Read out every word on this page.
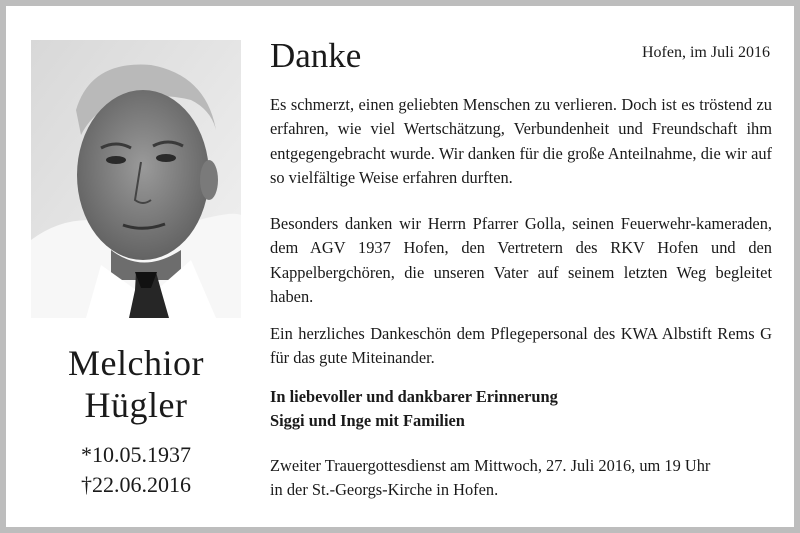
Melchior
Hügler
*10.05.1937
†22.06.2016
Danke	Hofen, im Juli 2016
Es schmerzt, einen geliebten Menschen zu verlieren. Doch ist es tröstend zu erfahren, wie viel Wertschätzung, Verbundenheit und Freundschaft ihm entgegengebracht wurde. Wir danken für die große Anteilnahme, die wir auf so vielfältige Weise erfahren durften.
Besonders danken wir Herrn Pfarrer Golla, seinen Feuerwehr-kameraden, dem AGV 1937 Hofen, den Vertretern des RKV Hofen und den Kappelbergchören, die unseren Vater auf seinem letzten Weg begleitet haben.
Ein herzliches Dankeschön dem Pflegepersonal des KWA Albstift Rems G für das gute Miteinander.
In liebevoller und dankbarer Erinnerung
Siggi und Inge mit Familien
Zweiter Trauergottesdienst am Mittwoch, 27. Juli 2016, um 19 Uhr
in der St.-Georgs-Kirche in Hofen.
